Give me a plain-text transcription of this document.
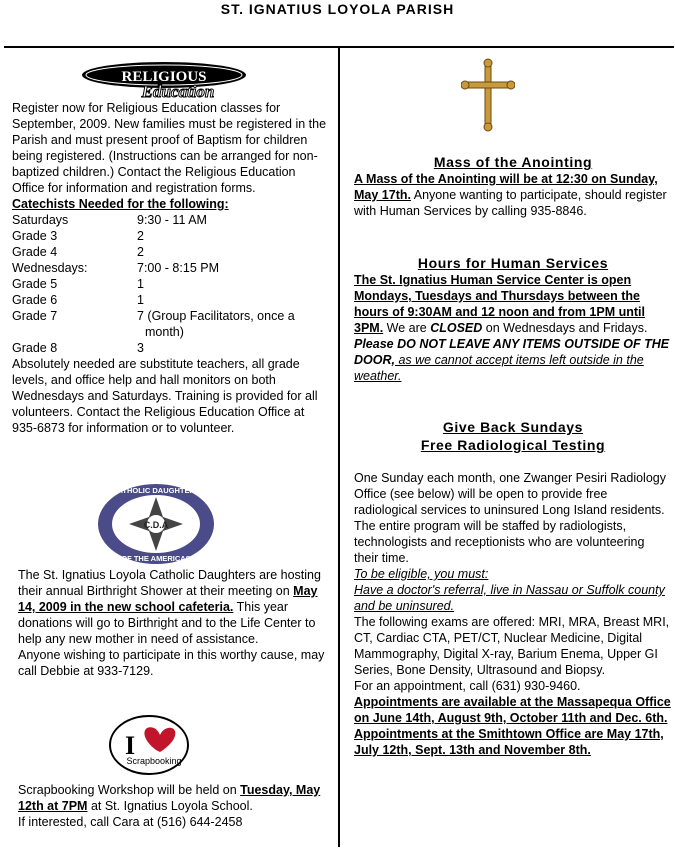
ST. IGNATIUS LOYOLA PARISH
RELIGIOUS
Education

Register now for Religious Education classes for September, 2009. New families must be registered in the Parish and must present proof of Baptism for children being registered. (Instructions can be arranged for non-baptized children.) Contact the Religious Education Office for information and registration forms.

Catechists Needed for the following:

Saturdays	9:30 - 11 AM
Grade 3	2
Grade 4	2
Wednesdays:	7:00 - 8:15 PM
Grade 5	1
Grade 6	1
Grade 7	7 (Group Facilitators, once a month)
Grade 8	3

Absolutely needed are substitute teachers, all grade levels, and office help and hall monitors on both Wednesdays and Saturdays. Training is provided for all volunteers. Contact the Religious Education Office at 935-6873 for information or to volunteer.

C.D.A
CATHOLIC DAUGHTERS
OF THE AMERICAS

The St. Ignatius Loyola Catholic Daughters are hosting their annual Birthright Shower at their meeting on May 14, 2009 in the new school cafeteria. This year donations will go to Birthright and to the Life Center to help any new mother in need of assistance.

Anyone wishing to participate in this worthy cause, may call Debbie at 933-7129.

I
Scrapbooking

Scrapbooking Workshop will be held on Tuesday, May 12th at 7PM at St. Ignatius Loyola School.

If interested, call Cara at (516) 644-2458

Mass of the Anointing

A Mass of the Anointing will be at 12:30 on Sunday, May 17th. Anyone wanting to participate, should register with Human Services by calling 935-8846.

Hours for Human Services

The St. Ignatius Human Service Center is open Mondays, Tuesdays and Thursdays between the hours of 9:30AM and 12 noon and from 1PM until 3PM. We are CLOSED on Wednesdays and Fridays. Please DO NOT LEAVE ANY ITEMS OUTSIDE OF THE DOOR, as we cannot accept items left outside in the weather.

Give Back Sundays

Free Radiological Testing

One Sunday each month, one Zwanger Pesiri Radiology Office (see below) will be open to provide free radiological services to uninsured Long Island residents. The entire program will be staffed by radiologists, technologists and receptionists who are volunteering their time.

To be eligible, you must:

Have a doctor's referral, live in Nassau or Suffolk county and be uninsured.

The following exams are offered: MRI, MRA, Breast MRI, CT, Cardiac CTA, PET/CT, Nuclear Medicine, Digital Mammography, Digital X-ray, Barium Enema, Upper GI Series, Bone Density, Ultrasound and Biopsy.

For an appointment, call (631) 930-9460.

Appointments are available at the Massapequa Office on June 14th, August 9th, October 11th and Dec. 6th.

Appointments at the Smithtown Office are May 17th, July 12th, Sept. 13th and November 8th.
